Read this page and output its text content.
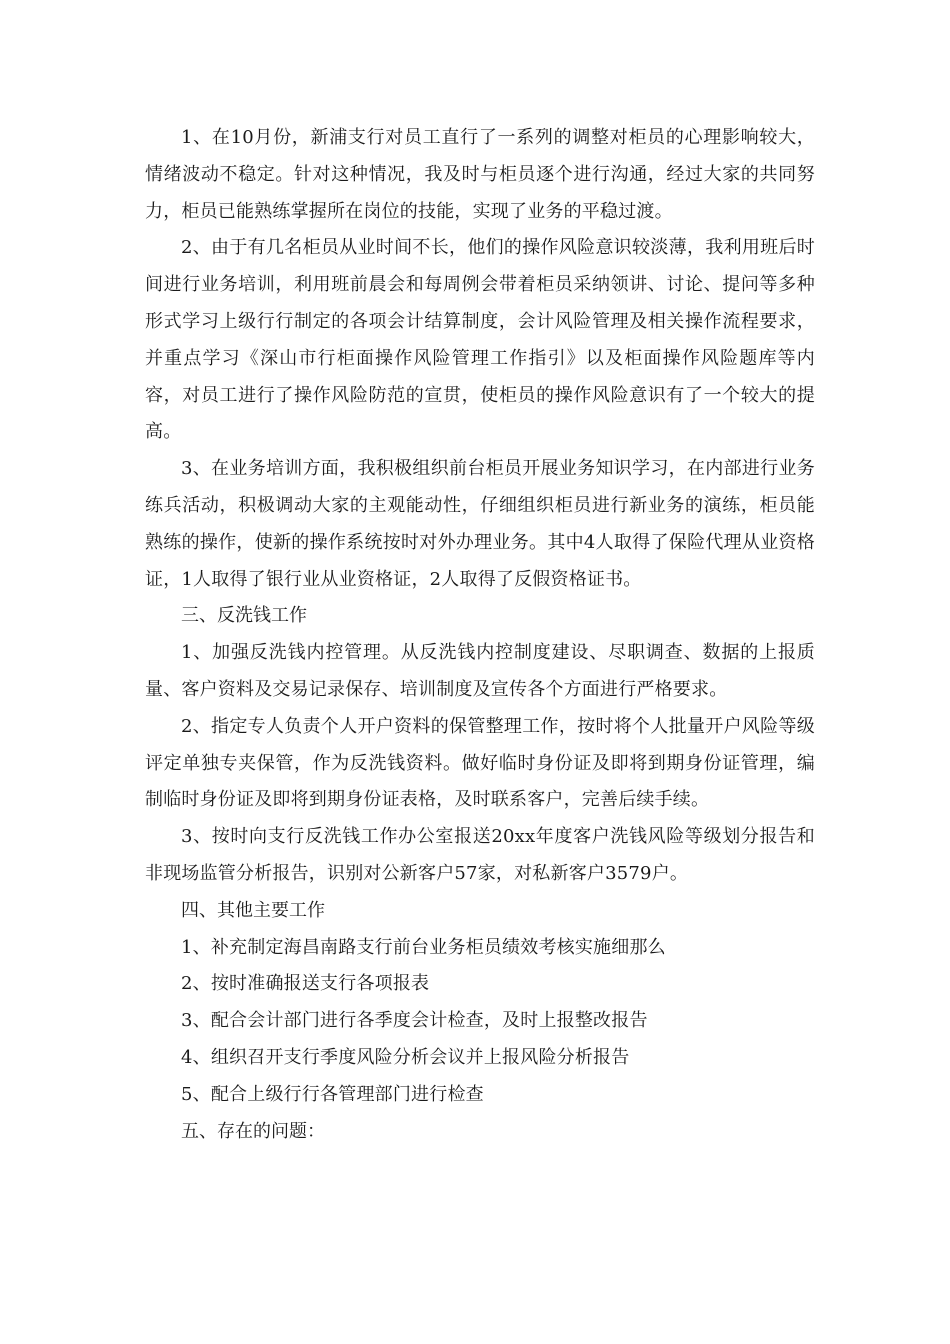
1、在10月份，新浦支行对员工直行了一系列的调整对柜员的心理影响较大，情绪波动不稳定。针对这种情况，我及时与柜员逐个进行沟通，经过大家的共同努力，柜员已能熟练掌握所在岗位的技能，实现了业务的平稳过渡。

2、由于有几名柜员从业时间不长，他们的操作风险意识较淡薄，我利用班后时间进行业务培训，利用班前晨会和每周例会带着柜员采纳领讲、讨论、提问等多种形式学习上级行行制定的各项会计结算制度，会计风险管理及相关操作流程要求，并重点学习《深山市行柜面操作风险管理工作指引》以及柜面操作风险题库等内容，对员工进行了操作风险防范的宣贯，使柜员的操作风险意识有了一个较大的提高。

3、在业务培训方面，我积极组织前台柜员开展业务知识学习，在内部进行业务练兵活动，积极调动大家的主观能动性，仔细组织柜员进行新业务的演练，柜员能熟练的操作，使新的操作系统按时对外办理业务。其中4人取得了保险代理从业资格证，1人取得了银行业从业资格证，2人取得了反假资格证书。

三、反洗钱工作

1、加强反洗钱内控管理。从反洗钱内控制度建设、尽职调查、数据的上报质量、客户资料及交易记录保存、培训制度及宣传各个方面进行严格要求。

2、指定专人负责个人开户资料的保管整理工作，按时将个人批量开户风险等级评定单独专夹保管，作为反洗钱资料。做好临时身份证及即将到期身份证管理，编制临时身份证及即将到期身份证表格，及时联系客户，完善后续手续。

3、按时向支行反洗钱工作办公室报送20xx年度客户洗钱风险等级划分报告和非现场监管分析报告，识别对公新客户57家，对私新客户3579户。

四、其他主要工作

1、补充制定海昌南路支行前台业务柜员绩效考核实施细那么

2、按时准确报送支行各项报表

3、配合会计部门进行各季度会计检查，及时上报整改报告

4、组织召开支行季度风险分析会议并上报风险分析报告

5、配合上级行行各管理部门进行检查

五、存在的问题：
